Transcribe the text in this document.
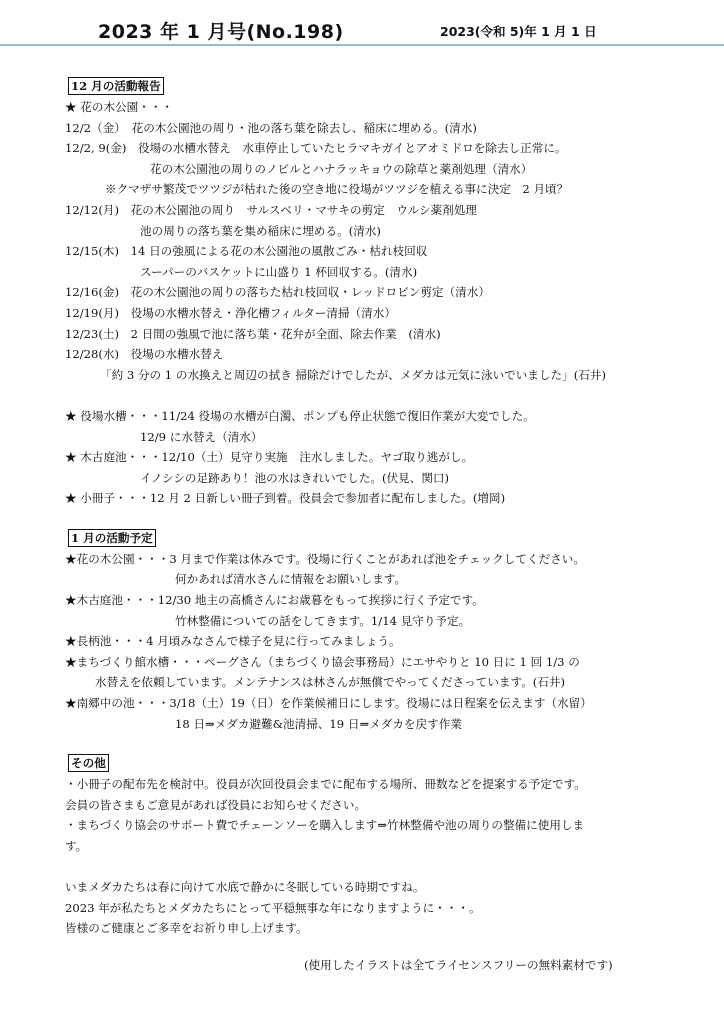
2023 年 1 月号(No.198)	2023(令和 5)年 1 月 1 日
12 月の活動報告
★ 花の木公園・・・
12/2（金）　花の木公園池の周り・池の落ち葉を除去し、稲床に埋める。(清水)
12/2, 9(金)　役場の水槽水替え　水車停止していたヒラマキガイとアオミドロを除去し正常に。
花の木公園池の周りのノビルとハナラッキョウの除草と薬剤処理（清水）
※クマザサ繁茂でツツジが枯れた後の空き地に役場がツツジを植える事に決定　2 月頃？
12/12(月)　花の木公園池の周り　サルスベリ・マサキの剪定　ウルシ薬剤処理
池の周りの落ち葉を集め稲床に埋める。(清水)
12/15(木)　14 日の強風による花の木公園池の風散ごみ・枯れ枝回収
スーパーのバスケットに山盛り 1 杯回収する。(清水)
12/16(金)　花の木公園池の周りの落ちた枯れ枝回収・レッドロビン剪定（清水）
12/19(月)　役場の水槽水替え・浄化槽フィルター清掃（清水）
12/23(土)　2 日間の強風で池に落ち葉・花弁が全面、除去作業　(清水)
12/28(水)　役場の水槽水替え
「約 3 分の 1 の水換えと周辺の拭き 掃除だけでしたが、メダカは元気に泳いでいました」(石井)
★ 役場水槽・・・11/24 役場の水槽が白濁、ポンプも停止状態で復旧作業が大変でした。
12/9 に水替え（清水）
★ 木古庭池・・・12/10（土）見守り実施　注水しました。ヤゴ取り逃がし。
イノシシの足跡あり！池の水はきれいでした。(伏見、関口)
★ 小冊子・・・12 月 2 日新しい冊子到着。役員会で参加者に配布しました。(増岡)
1 月の活動予定
★花の木公園・・・3 月まで作業は休みです。役場に行くことがあれば池をチェックしてください。
何かあれば清水さんに情報をお願いします。
★木古庭池・・・12/30 地主の高橋さんにお歳暮をもって挨拶に行く予定です。
竹林整備についての話をしてきます。1/14 見守り予定。
★長柄池・・・4 月頃みなさんで様子を見に行ってみましょう。
★まちづくり館水槽・・・ペーグさん（まちづくり協会事務局）にエサやりと 10 日に 1 回 1/3 の
水替えを依頼しています。メンテナンスは林さんが無償でやってくださっています。(石井)
★南郷中の池・・・3/18（土）19（日）を作業候補日にします。役場には日程案を伝えます（水留）
18 日⇒メダカ避難&池清掃、19 日⇒メダカを戻す作業
その他
・小冊子の配布先を検討中。役員が次回役員会までに配布する場所、冊数などを提案する予定です。
会員の皆さまもご意見があれば役員にお知らせください。
・まちづくり協会のサポート費でチェーンソーを購入します⇒竹林整備や池の周りの整備に使用しま
す。
いまメダカたちは春に向けて水底で静かに冬眠している時期ですね。
2023 年が私たちとメダカたちにとって平穏無事な年になりますように・・・。
皆様のご健康とご多幸をお祈り申し上げます。
(使用したイラストは全てライセンスフリーの無料素材です)
